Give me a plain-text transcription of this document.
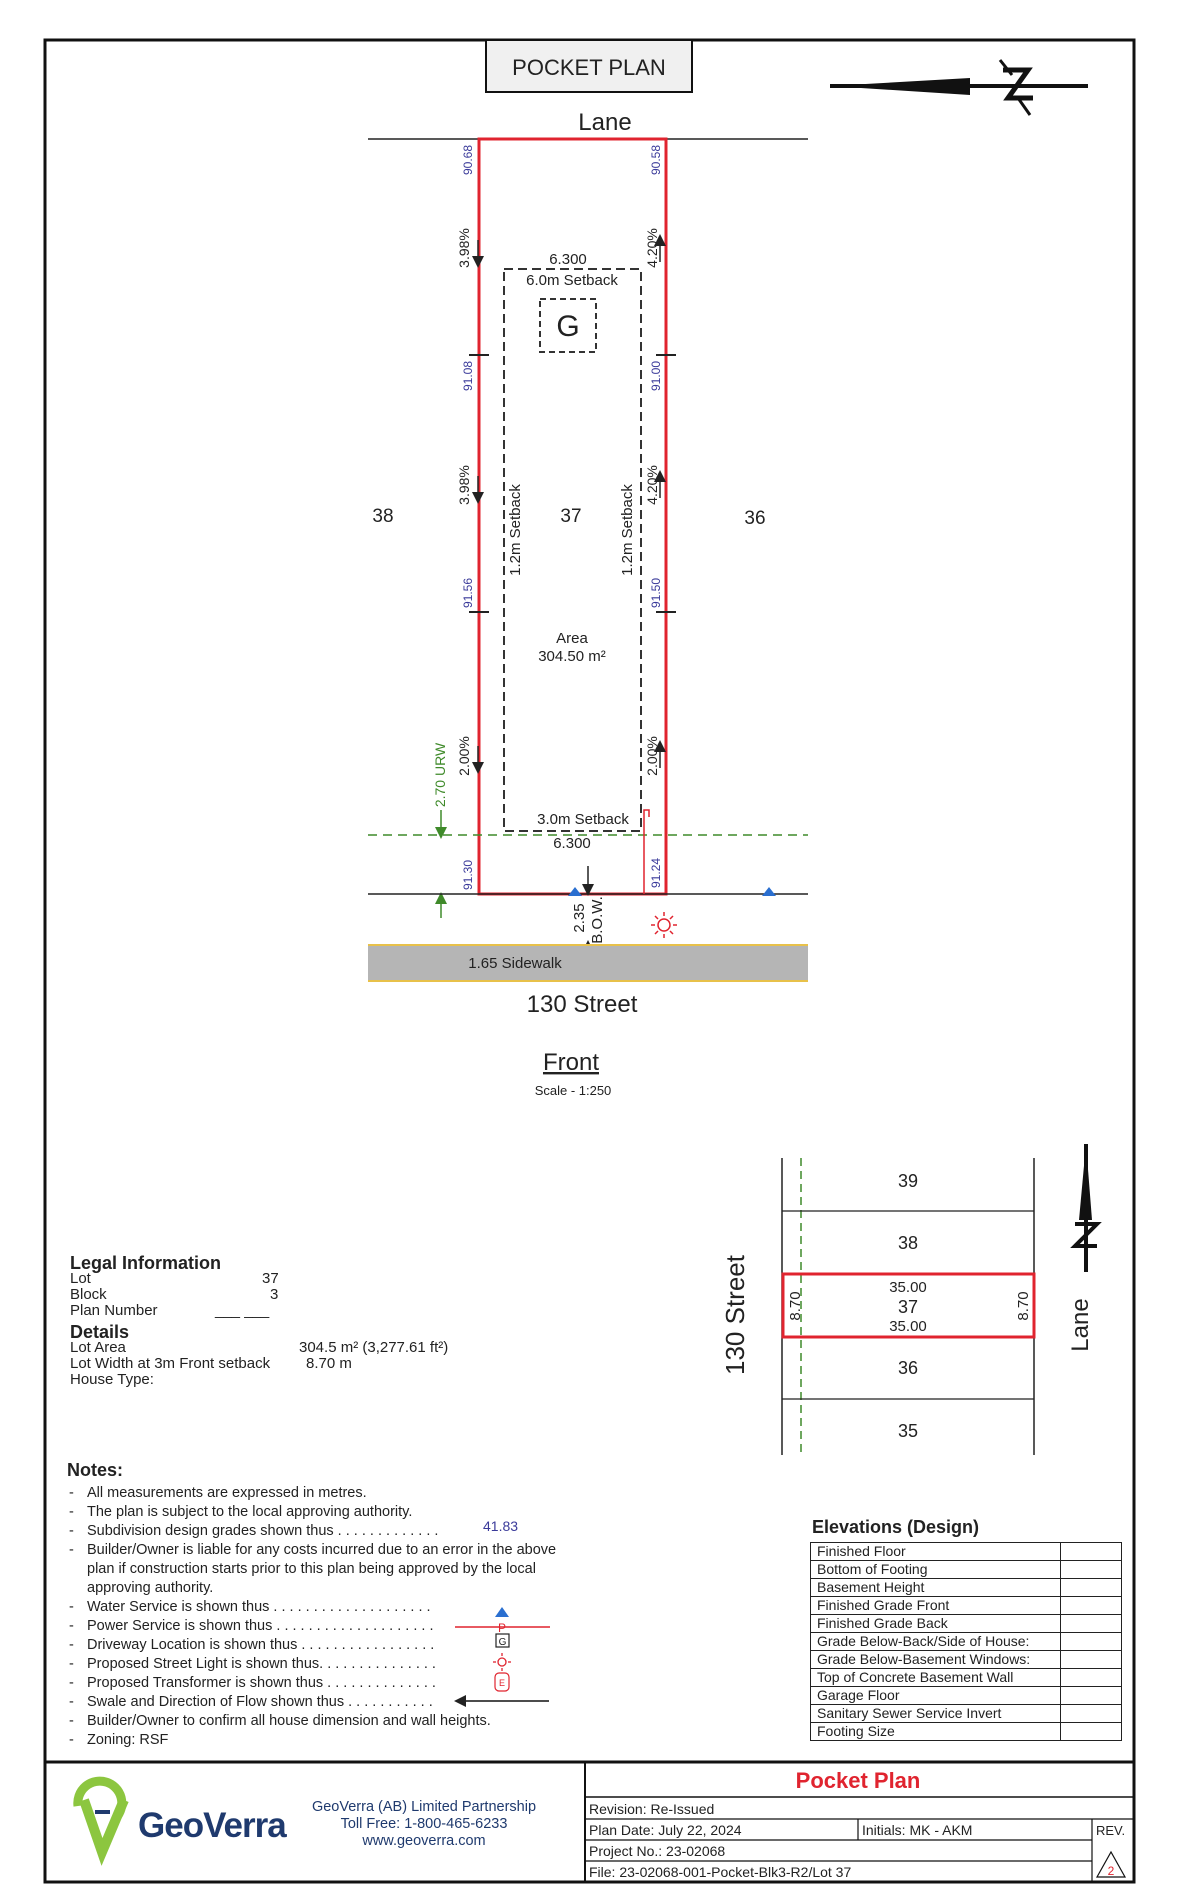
POCKET PLAN
Lane
G
6.300
6.0m Setback
3.0m Setback
6.300
1.2m Setback	1.2m Setback
Area
304.50 m²
38	37	36
90.68
91.08
91.56
91.30
90.58
91.00
91.50
91.24
3.98%
3.98%
2.00%
4.20%
4.20%
2.00%
2.70 URW
2.35 B.O.W.
1.65 Sidewalk
130 Street
Front
Scale - 1:250
39
38
37
36
35
35.00
35.00
8.70	8.70
130 Street	Lane
41.83
P
G
E
Pocket Plan
Revision: Re-Issued
Plan Date: July 22, 2024	Initials: MK - AKM
Project No.: 23-02068
File: 23-02068-001-Pocket-Blk3-R2/Lot 37
REV.
2
GeoVerra GeoVerra (AB) Limited Partnership
Toll Free: 1-800-465-6233
www.geoverra.com
Legal Information
Lot	37
Block	3
Plan Number	___ ___
Details
Lot Area	304.5 m² (3,277.61 ft²)
Lot Width at 3m Front setback 8.70 m
House Type:
Notes:
- All measurements are expressed in metres.
- The plan is subject to the local approving authority.
- Subdivision design grades shown thus . . . . . . . . . . . . .
- Builder/Owner is liable for any costs incurred due to an error in the above plan if construction starts prior to this plan being approved by the local approving authority.
- Water Service is shown thus . . . . . . . . . . . . . . . . . . . .
- Power Service is shown thus . . . . . . . . . . . . . . . . . . . .
- Driveway Location is shown thus . . . . . . . . . . . . . . . . .
- Proposed Street Light is shown thus. . . . . . . . . . . . . . .
- Proposed Transformer is shown thus . . . . . . . . . . . . . .
- Swale and Direction of Flow shown thus . . . . . . . . . . .
- Builder/Owner to confirm all house dimension and wall heights.
- Zoning: RSF
Elevations (Design)
Finished Floor	
Bottom of Footing	
Basement Height	
Finished Grade Front	
Finished Grade Back	
Grade Below-Back/Side of House:	
Grade Below-Basement Windows:	
Top of Concrete Basement Wall	
Garage Floor	
Sanitary Sewer Service Invert	
Footing Size	
